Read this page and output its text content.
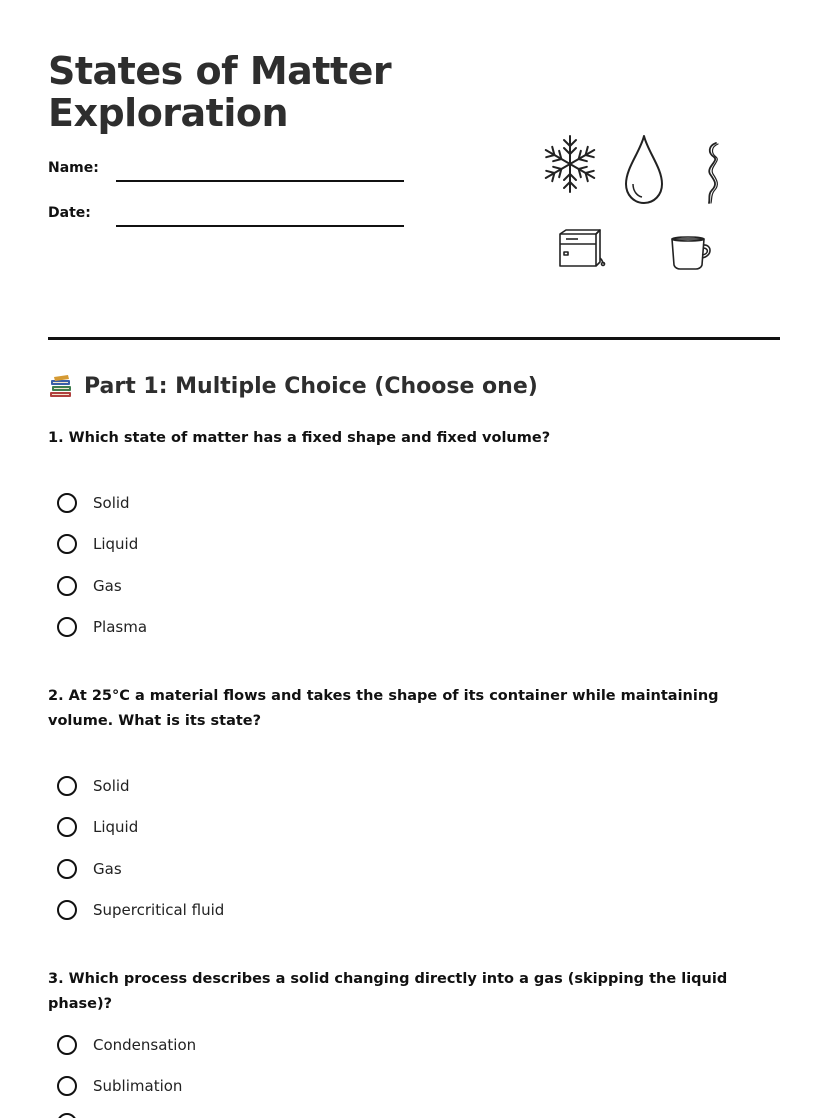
States of Matter Exploration
Name:
Date:
Part 1: Multiple Choice (Choose one)
1. Which state of matter has a fixed shape and fixed volume?
Solid
Liquid
Gas
Plasma
2. At 25°C a material flows and takes the shape of its container while maintaining volume. What is its state?
Solid
Liquid
Gas
Supercritical fluid
3. Which process describes a solid changing directly into a gas (skipping the liquid phase)?
Condensation
Sublimation
